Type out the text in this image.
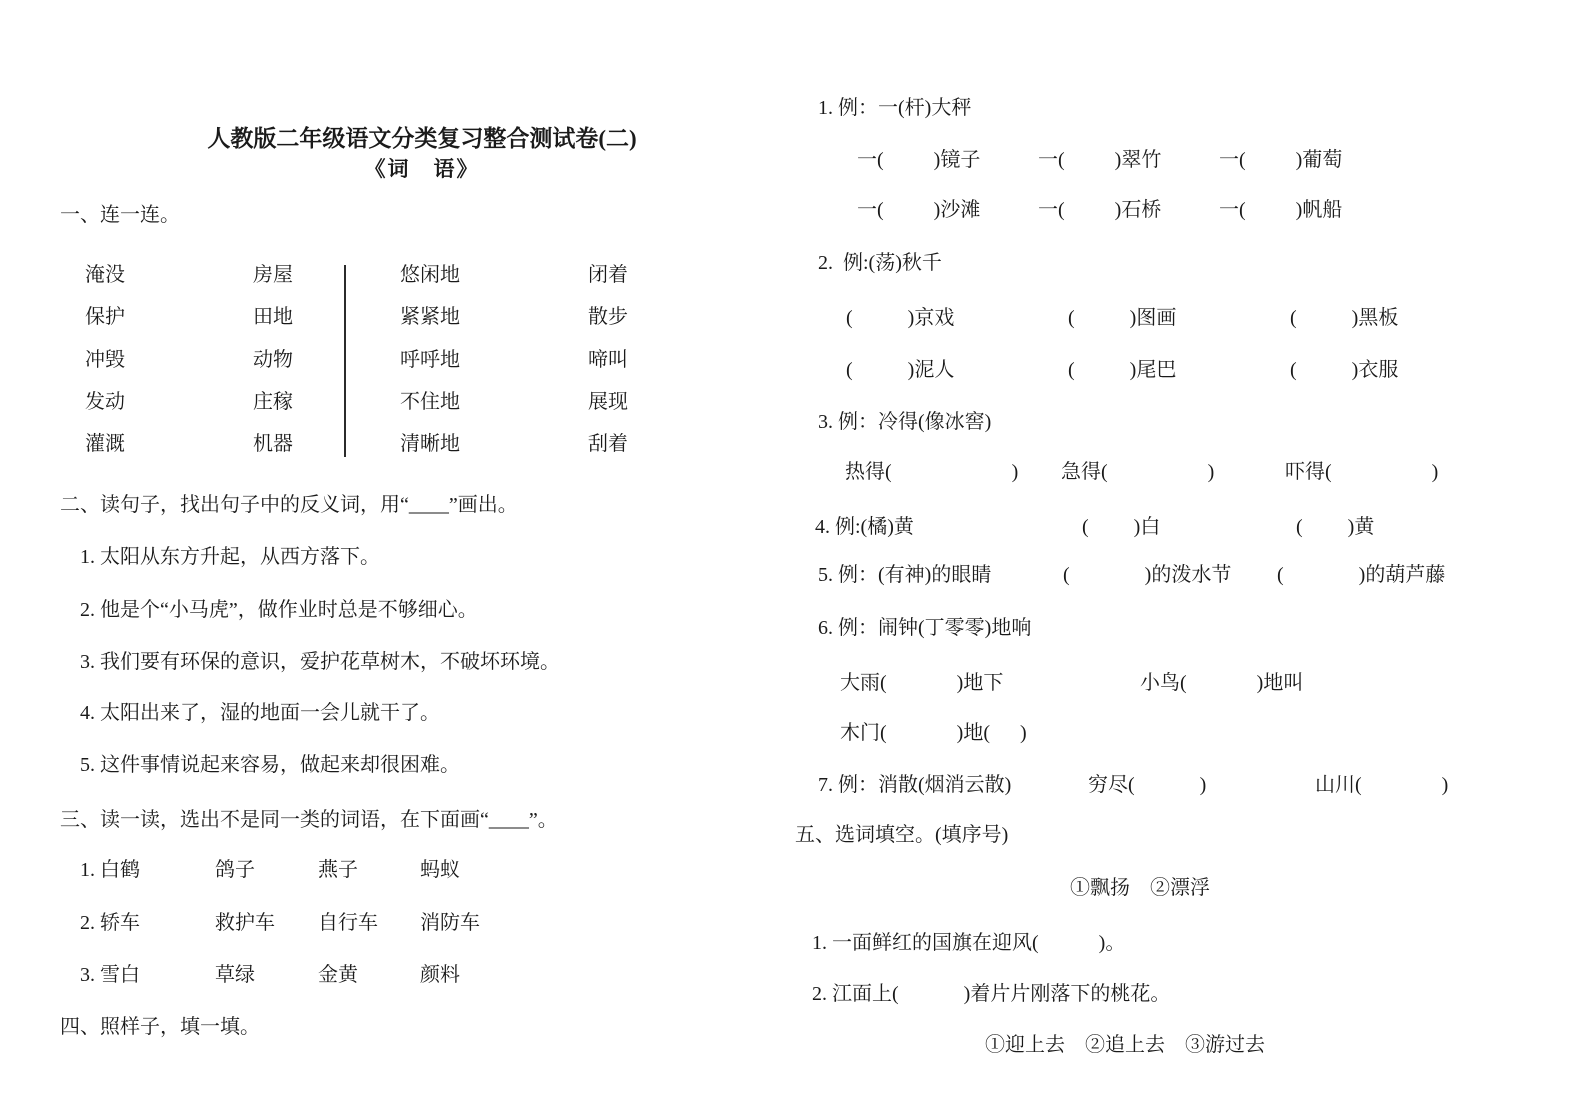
人教版二年级语文分类复习整合测试卷(二)
《词　语》
一、连一连。
淹没	房屋	悠闲地	闭着
保护	田地	紧紧地	散步
冲毁	动物	呼呼地	啼叫
发动	庄稼	不住地	展现
灌溉	机器	清晰地	刮着
二、读句子，找出句子中的反义词，用“____”画出。
1. 太阳从东方升起，从西方落下。
2. 他是个“小马虎”，做作业时总是不够细心。
3. 我们要有环保的意识，爱护花草树木，不破坏环境。
4. 太阳出来了，湿的地面一会儿就干了。
5. 这件事情说起来容易，做起来却很困难。
三、读一读，选出不是同一类的词语，在下面画“____”。
1. 白鹤	鸽子	燕子	蚂蚁
2. 轿车	救护车	自行车	消防车
3. 雪白	草绿	金黄	颜料
四、照样子，填一填。
1. 例：一(杆)大秤
一(          )镜子	一(          )翠竹	一(          )葡萄
一(          )沙滩	一(          )石桥	一(          )帆船
2.  例:(荡)秋千
(           )京戏	(           )图画	(           )黑板
(           )泥人	(           )尾巴	(           )衣服
3. 例：冷得(像冰窖)
热得(                        )	急得(                    )	吓得(                    )
4. 例:(橘)黄	(         )白	(         )黄
5. 例：(有神)的眼睛	(               )的泼水节	(               )的葫芦藤
6. 例：闹钟(丁零零)地响
大雨(              )地下	小鸟(              )地叫
木门(              )地(      )
7. 例：消散(烟消云散)	穷尽(             )	山川(                )
五、选词填空。(填序号)
①飘扬　②漂浮
1. 一面鲜红的国旗在迎风(            )。
2. 江面上(             )着片片刚落下的桃花。
①迎上去　②追上去　③游过去
